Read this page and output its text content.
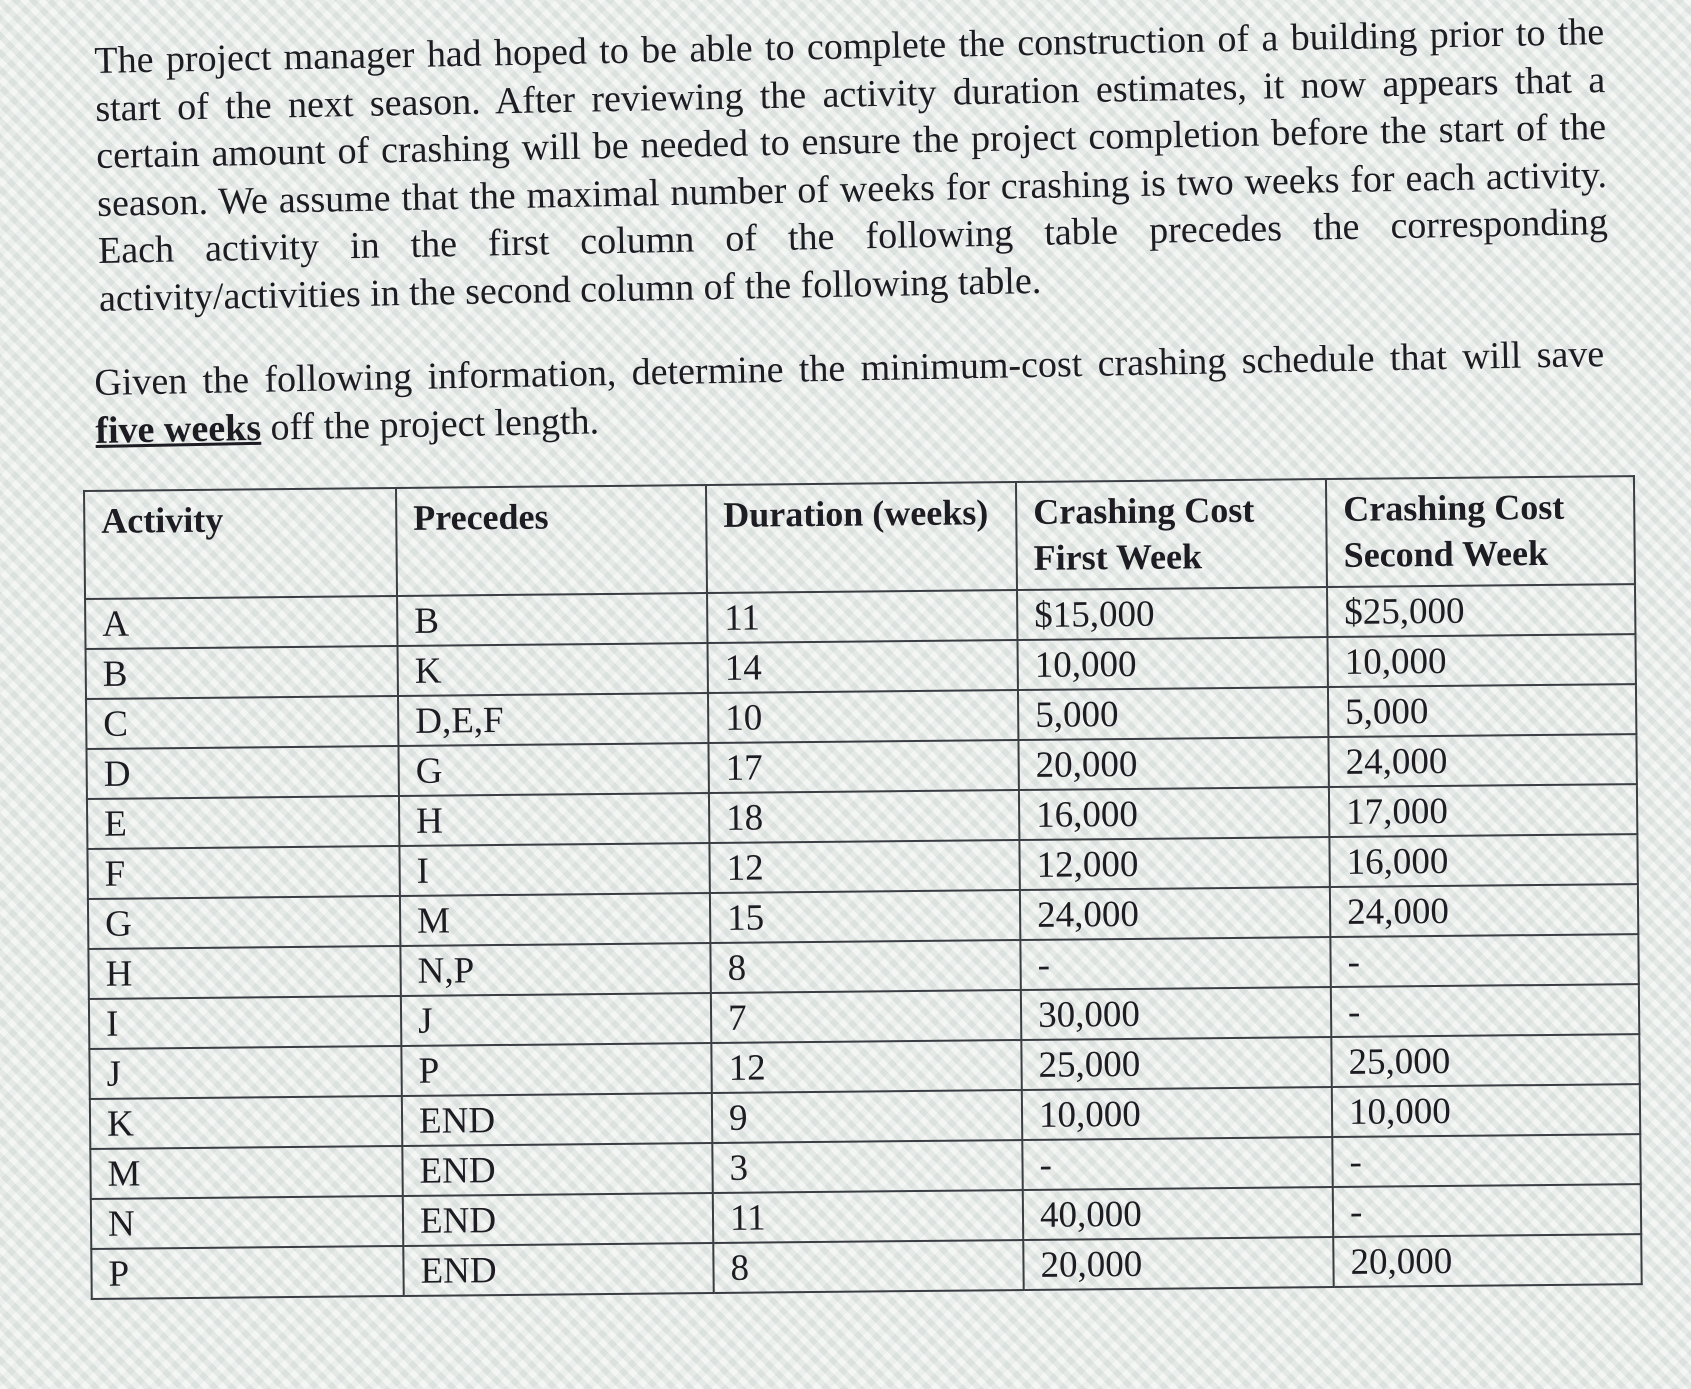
The project manager had hoped to be able to complete the construction of a building prior to the start of the next season. After reviewing the activity duration estimates, it now appears that a certain amount of crashing will be needed to ensure the project completion before the start of the season. We assume that the maximal number of weeks for crashing is two weeks for each activity. Each activity in the first column of the following table precedes the corresponding activity/activities in the second column of the following table.

Given the following information, determine the minimum-cost crashing schedule that will save five weeks off the project length.

Activity	Precedes	Duration (weeks)	Crashing Cost First Week	Crashing Cost Second Week
A	B	11	$15,000	$25,000
B	K	14	10,000	10,000
C	D,E,F	10	5,000	5,000
D	G	17	20,000	24,000
E	H	18	16,000	17,000
F	I	12	12,000	16,000
G	M	15	24,000	24,000
H	N,P	8	-	-
I	J	7	30,000	-
J	P	12	25,000	25,000
K	END	9	10,000	10,000
M	END	3	-	-
N	END	11	40,000	-
P	END	8	20,000	20,000
